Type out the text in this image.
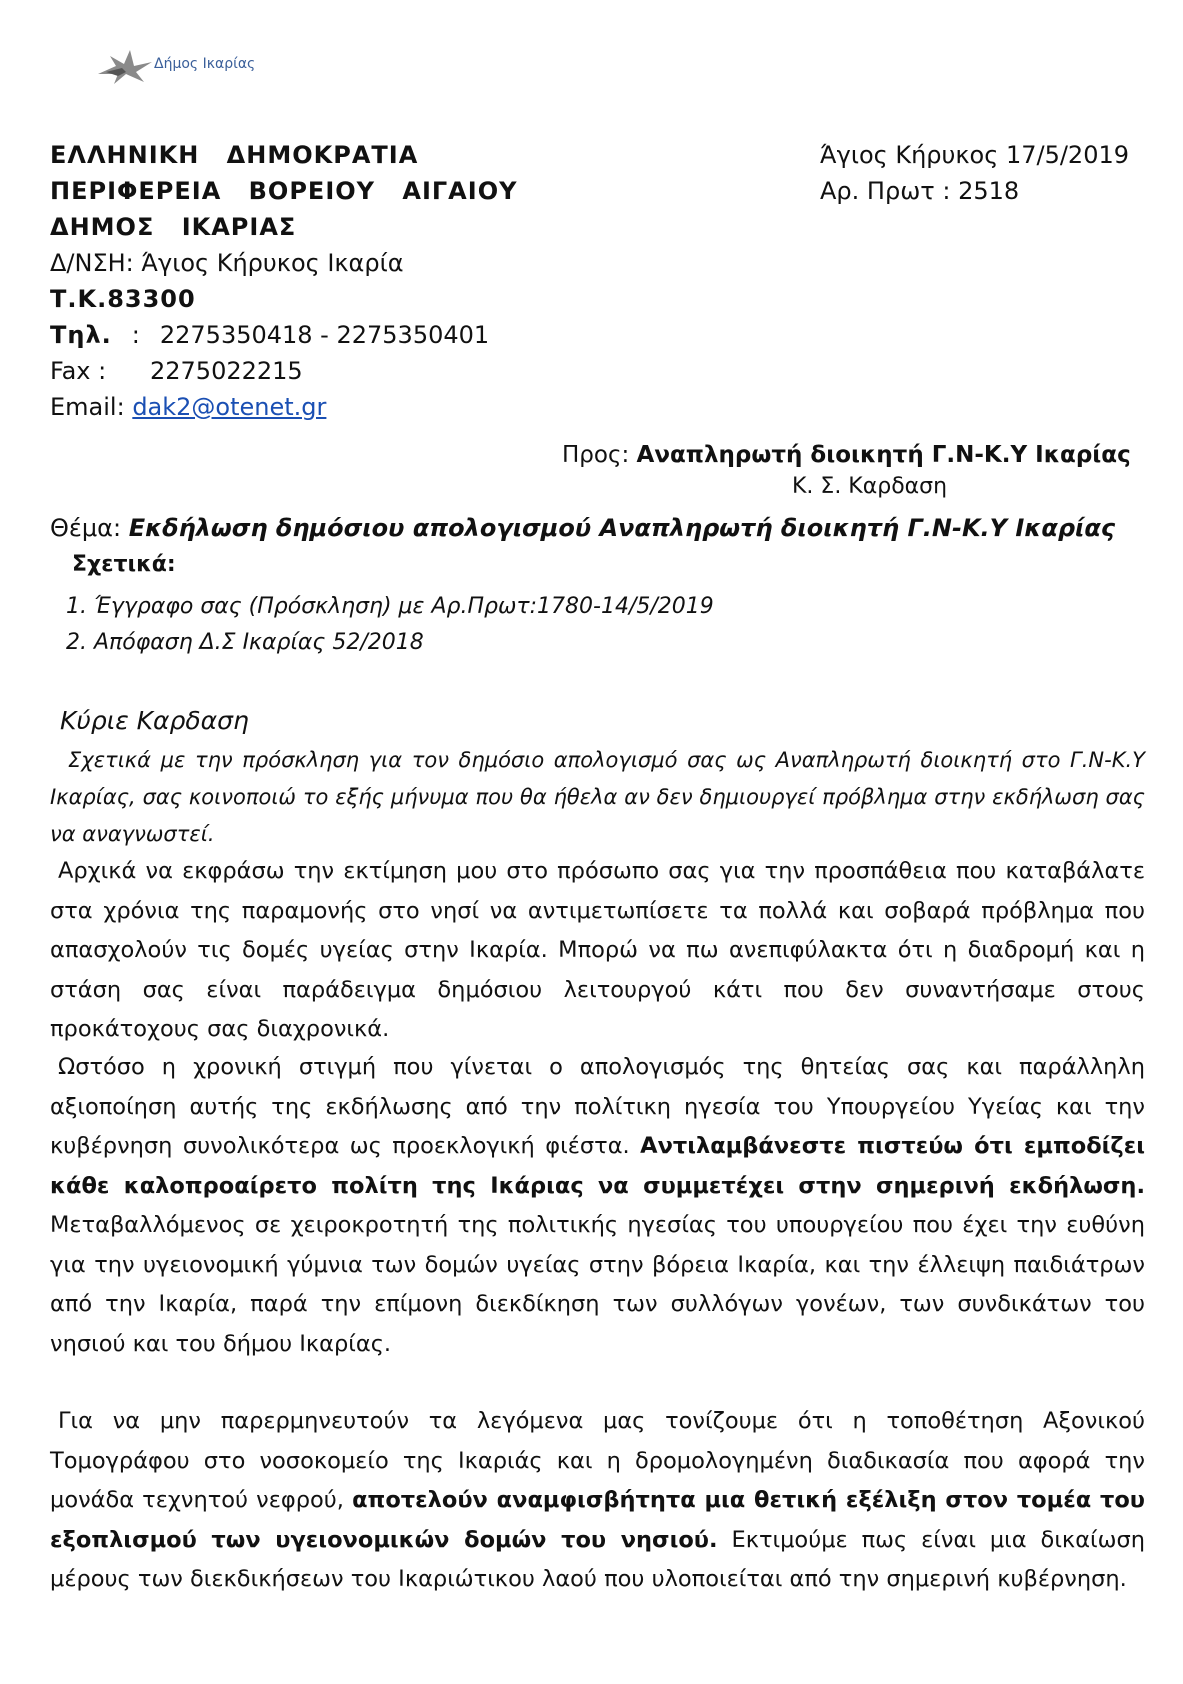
Δήμος Ικαρίας
ΕΛΛΗΝΙΚΗ ΔΗΜΟΚΡΑΤΙΑ
ΠΕΡΙΦΕΡΕΙΑ ΒΟΡΕΙΟΥ ΑΙΓΑΙΟΥ
ΔΗΜΟΣ ΙΚΑΡΙΑΣ
Δ/ΝΣΗ: Άγιος Κήρυκος Ικαρία
Τ.Κ.83300
Τηλ. : 2275350418 - 2275350401
Fax : 2275022215
Email: dak2@otenet.gr
Άγιος Κήρυκος 17/5/2019
Αρ. Πρωτ : 2518
Προς: Αναπληρωτή διοικητή Γ.Ν-Κ.Υ Ικαρίας
Κ. Σ. Καρδαση
Θέμα: Εκδήλωση δημόσιου απολογισμού Αναπληρωτή διοικητή Γ.Ν-Κ.Υ Ικαρίας
Σχετικά:
1. Έγγραφο σας (Πρόσκληση) με Αρ.Πρωτ:1780-14/5/2019
2. Απόφαση Δ.Σ Ικαρίας 52/2018
Κύριε Καρδαση
Σχετικά με την πρόσκληση για τον δημόσιο απολογισμό σας ως Αναπληρωτή διοικητή στο Γ.Ν-Κ.Υ Ικαρίας, σας κοινοποιώ το εξής μήνυμα που θα ήθελα αν δεν δημιουργεί πρόβλημα στην εκδήλωση σας να αναγνωστεί.
Αρχικά να εκφράσω την εκτίμηση μου στο πρόσωπο σας για την προσπάθεια που καταβάλατε στα χρόνια της παραμονής στο νησί να αντιμετωπίσετε τα πολλά και σοβαρά πρόβλημα που απασχολούν τις δομές υγείας στην Ικαρία. Μπορώ να πω ανεπιφύλακτα ότι η διαδρομή και η στάση σας είναι παράδειγμα δημόσιου λειτουργού κάτι που δεν συναντήσαμε στους προκάτοχους σας διαχρονικά.
Ωστόσο η χρονική στιγμή που γίνεται ο απολογισμός της θητείας σας και παράλληλη αξιοποίηση αυτής της εκδήλωσης από την πολίτικη ηγεσία του Υπουργείου Υγείας και την κυβέρνηση συνολικότερα ως προεκλογική φιέστα. Αντιλαμβάνεστε πιστεύω ότι εμποδίζει κάθε καλοπροαίρετο πολίτη της Ικάριας να συμμετέχει στην σημερινή εκδήλωση. Μεταβαλλόμενος σε χειροκροτητή της πολιτικής ηγεσίας του υπουργείου που έχει την ευθύνη για την υγειονομική γύμνια των δομών υγείας στην βόρεια Ικαρία, και την έλλειψη παιδιάτρων από την Ικαρία, παρά την επίμονη διεκδίκηση των συλλόγων γονέων, των συνδικάτων του νησιού και του δήμου Ικαρίας.
Για να μην παρερμηνευτούν τα λεγόμενα μας τονίζουμε ότι η τοποθέτηση Αξονικού Τομογράφου στο νοσοκομείο της Ικαριάς και η δρομολογημένη διαδικασία που αφορά την μονάδα τεχνητού νεφρού, αποτελούν αναμφισβήτητα μια θετική εξέλιξη στον τομέα του εξοπλισμού των υγειονομικών δομών του νησιού. Εκτιμούμε πως είναι μια δικαίωση μέρους των διεκδικήσεων του Ικαριώτικου λαού που υλοποιείται από την σημερινή κυβέρνηση.
